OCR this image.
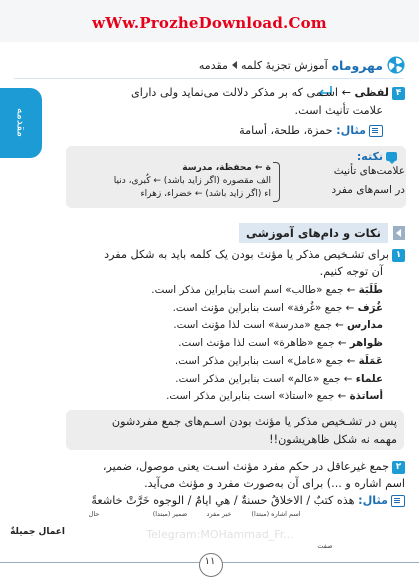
wWw.ProzheDownload.Com
مقدمه
مهروماه
آموزش تجزیهٔ کلمه
مقدمه
۴لفظی ← اسـمی که بر مذکر دلالت می‌نماید ولی دارای
علامت تأنیث است.
مثال: حمزة، طلحة، أسامة
نکته:
علامت‌های تأنیث
در اسم‌های مفرد
ة ← محفظة، مدرسة
الف مقصوره (اگر زاید باشد) ← کُبری، دنیا
اء (اگر زاید باشد) ← خضراء، زهراء
نکات و دام‌های آموزشی
۱برای تشـخیص مذکر یا مؤنث بودن یک کلمه باید به شکل مفرد
آن توجه کنیم.
طَلَبَة ← جمع «طالب» اسم است بنابراین مذکر است.
غُرَف ← جمع «غُرفة» است بنابراین مؤنث است.
مدارس ← جمع «مدرسة» است لذا مؤنث است.
ظواهر ← جمع «ظاهرة» است لذا مؤنث است.
عَمَلَة ← جمع «عامل» است بنابراین مذکر است.
علماء ← جمع «عالم» است بنابراین مذکر است.
أساتذة ← جمع «استاذ» است بنابراین مذکر است.
پس در تشـخیص مذکر یا مؤنث بودن اسـم‌های جمع مفردشون
مهمه نه شکل ظاهریشون!!
۲جمع غیرعاقل در حکم مفرد مؤنث اسـت یعنی موصول، ضمیر،
اسم اشاره و ...) برای آن به‌صورت مفرد و مؤنث می‌آید.
مثال: هذه كتبٌ / الاخلاقُ حسنةٌ / هي ايامٌ / الوجوه خَرَّتْ خاشعةً
اسم اشاره (مبتدا)
خبر مفرد
ضمیر (مبتدا)
حال
اعمال جميلةٌ
صفت
Telegram:MOHammad_Fr...
۱۱
